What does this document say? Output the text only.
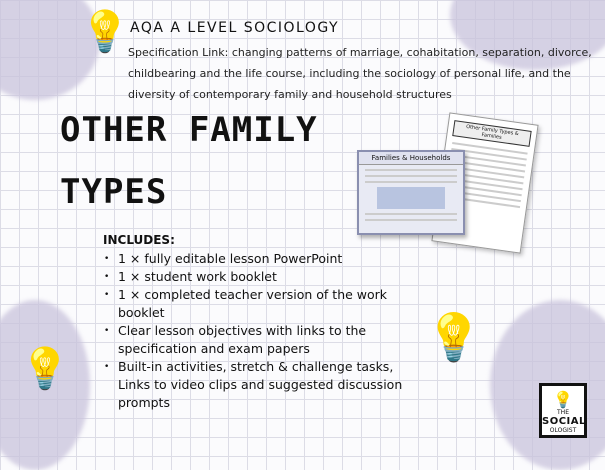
💡
💡
💡
AQA A LEVEL SOCIOLOGY
Specification Link: changing patterns of marriage, cohabitation, separation, divorce, childbearing and the life course, including the sociology of personal life, and the diversity of contemporary family and household structures
OTHER FAMILY
TYPES
INCLUDES:
• 1 × fully editable lesson PowerPoint
• 1 × student work booklet
• 1 × completed teacher version of the work booklet
• Clear lesson objectives with links to the specification and exam papers
• Built-in activities, stretch & challenge tasks, Links to video clips and suggested discussion prompts
Other Family Types & Families
Families & Households
💡
THE
SOCIAL
OLOGIST
